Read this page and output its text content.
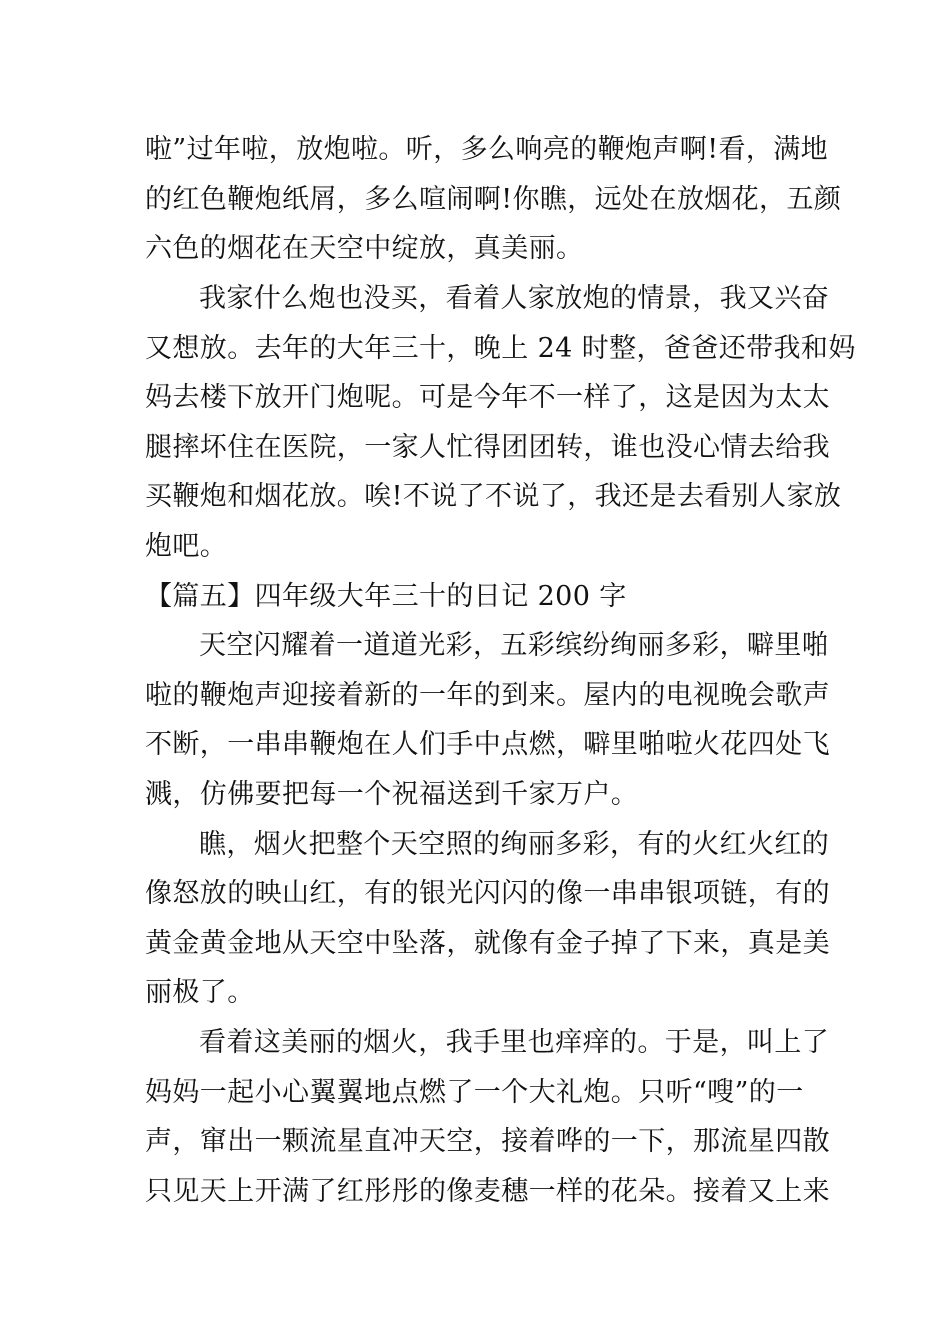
啦”过年啦，放炮啦。听，多么响亮的鞭炮声啊!看，满地
的红色鞭炮纸屑，多么喧闹啊!你瞧，远处在放烟花，五颜
六色的烟花在天空中绽放，真美丽。
我家什么炮也没买，看着人家放炮的情景，我又兴奋
又想放。去年的大年三十，晚上 24 时整，爸爸还带我和妈
妈去楼下放开门炮呢。可是今年不一样了，这是因为太太
腿摔坏住在医院，一家人忙得团团转，谁也没心情去给我
买鞭炮和烟花放。唉!不说了不说了，我还是去看别人家放
炮吧。
【篇五】四年级大年三十的日记 200 字
天空闪耀着一道道光彩，五彩缤纷绚丽多彩，噼里啪
啦的鞭炮声迎接着新的一年的到来。屋内的电视晚会歌声
不断，一串串鞭炮在人们手中点燃，噼里啪啦火花四处飞
溅，仿佛要把每一个祝福送到千家万户。
瞧，烟火把整个天空照的绚丽多彩，有的火红火红的
像怒放的映山红，有的银光闪闪的像一串串银项链，有的
黄金黄金地从天空中坠落，就像有金子掉了下来，真是美
丽极了。
看着这美丽的烟火，我手里也痒痒的。于是，叫上了
妈妈一起小心翼翼地点燃了一个大礼炮。只听“嗖”的一
声，窜出一颗流星直冲天空，接着哗的一下，那流星四散
只见天上开满了红彤彤的像麦穗一样的花朵。接着又上来
